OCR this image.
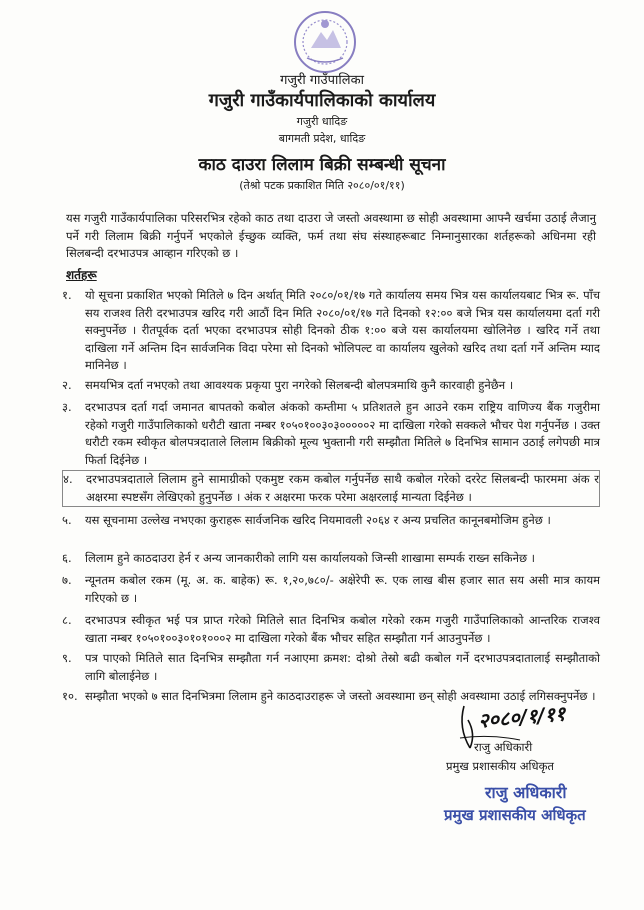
गजुरी गाउँपालिका
गजुरी गाउँकार्यपालिकाको कार्यालय
गजुरी धादिङ
बागमती प्रदेश, धादिङ
काठ दाउरा लिलाम बिक्री सम्बन्धी सूचना
(तेश्रो पटक प्रकाशित मिति २०८०/०१/११)
यस गजुरी गाउँकार्यपालिका परिसरभित्र रहेको काठ तथा दाउरा जे जस्तो अवस्थामा छ सोही अवस्थामा आफ्नै खर्चमा उठाई लैजानु पर्ने गरी लिलाम बिक्री गर्नुपर्ने भएकोले ईच्छुक व्यक्ति, फर्म तथा संघ संस्थाहरूबाट निम्नानुसारका शर्तहरूको अधिनमा रही सिलबन्दी दरभाउपत्र आव्हान गरिएको छ ।
शर्तहरू
१. यो सूचना प्रकाशित भएको मितिले ७ दिन अर्थात् मिति २०८०/०१/१७ गते कार्यालय समय भित्र यस कार्यालयबाट भित्र रू. पाँच सय राजश्व तिरी दरभाउपत्र खरिद गरी आठौं दिन मिति २०८०/०१/१७ गते दिनको १२:०० बजे भित्र यस कार्यालयमा दर्ता गरी सक्नुपर्नेछ । रीतपूर्वक दर्ता भएका दरभाउपत्र सोही दिनको ठीक १:०० बजे यस कार्यालयमा खोलिनेछ । खरिद गर्ने तथा दाखिला गर्ने अन्तिम दिन सार्वजनिक विदा परेमा सो दिनको भोलिपल्ट वा कार्यालय खुलेको खरिद तथा दर्ता गर्ने अन्तिम म्याद मानिनेछ ।
२. समयभित्र दर्ता नभएको तथा आवश्यक प्रकृया पुरा नगरेको सिलबन्दी बोलपत्रमाथि कुनै कारवाही हुनेछैन ।
३. दरभाउपत्र दर्ता गर्दा जमानत बापतको कबोल अंकको कम्तीमा ५ प्रतिशतले हुन आउने रकम राष्ट्रिय वाणिज्य बैंक गजुरीमा रहेको गजुरी गाउँपालिकाको धरौटी खाता नम्बर १०५०१००३०३०००००२ मा दाखिला गरेको सक्कले भौचर पेश गर्नुपर्नेछ । उक्त धरौटी रकम स्वीकृत बोलपत्रदाताले लिलाम बिक्रीको मूल्य भुक्तानी गरी सम्झौता मितिले ७ दिनभित्र सामान उठाई लगेपछी मात्र फिर्ता दिईनेछ ।
४. दरभाउपत्रदाताले लिलाम हुने सामाग्रीको एकमुष्ट रकम कबोल गर्नुपर्नेछ साथै कबोल गरेको दररेट सिलबन्दी फारममा अंक र अक्षरमा स्पष्टसँग लेखिएको हुनुपर्नेछ । अंक र अक्षरमा फरक परेमा अक्षरलाई मान्यता दिईनेछ ।
५. यस सूचनामा उल्लेख नभएका कुराहरू सार्वजनिक खरिद नियमावली २०६४ र अन्य प्रचलित कानूनबमोजिम हुनेछ ।
६. लिलाम हुने काठदाउरा हेर्न र अन्य जानकारीको लागि यस कार्यालयको जिन्सी शाखामा सम्पर्क राख्न सकिनेछ ।
७. न्यूनतम कबोल रकम (मू. अ. क. बाहेक) रू. १,२०,७८०/- अक्षेरेपी रू. एक लाख बीस हजार सात सय असी मात्र कायम गरिएको छ ।
८. दरभाउपत्र स्वीकृत भई पत्र प्राप्त गरेको मितिले सात दिनभित्र कबोल गरेको रकम गजुरी गाउँपालिकाको आन्तरिक राजश्व खाता नम्बर १०५०१००३०१०१०००२ मा दाखिला गरेको बैंक भौचर सहित सम्झौता गर्न आउनुपर्नेछ ।
९. पत्र पाएको मितिले सात दिनभित्र सम्झौता गर्न नआएमा क्रमश: दोश्रो तेस्रो बढी कबोल गर्ने दरभाउपत्रदातालाई सम्झौताको लागि बोलाईनेछ ।
१०. सम्झौता भएको ७ सात दिनभित्रमा लिलाम हुने काठदाउराहरू जे जस्तो अवस्थामा छन् सोही अवस्थामा उठाई लगिसक्नुपर्नेछ ।
२०८०/१/११
राजु अधिकारी
प्रमुख प्रशासकीय अधिकृत
राजु अधिकारी
प्रमुख प्रशासकीय अधिकृत
